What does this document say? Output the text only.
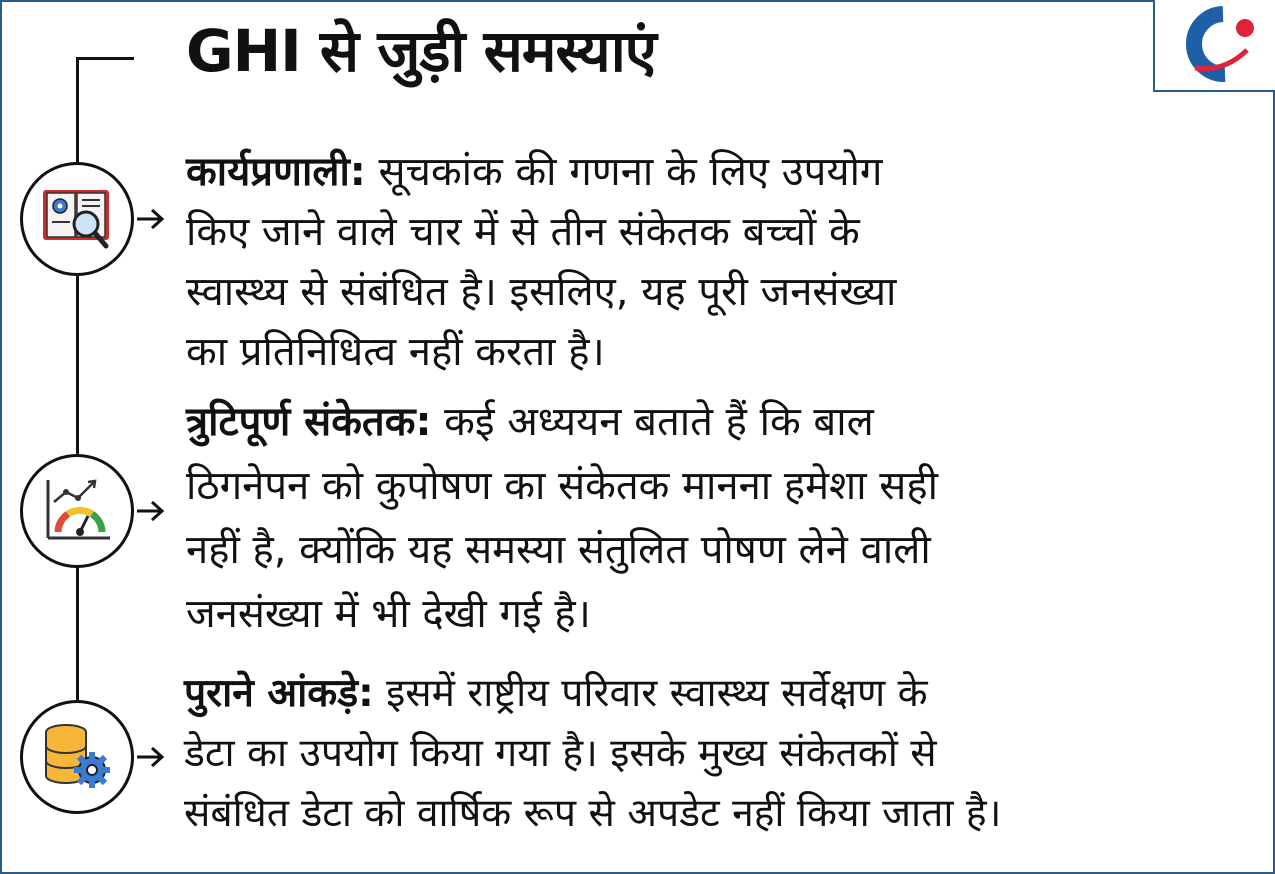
GHI से जुड़ी समस्याएं

कार्यप्रणाली: सूचकांक की गणना के लिए उपयोग
किए जाने वाले चार में से तीन संकेतक बच्चों के
स्वास्थ्य से संबंधित है। इसलिए, यह पूरी जनसंख्या
का प्रतिनिधित्व नहीं करता है।

त्रुटिपूर्ण संकेतक: कई अध्ययन बताते हैं कि बाल
ठिगनेपन को कुपोषण का संकेतक मानना हमेशा सही
नहीं है, क्योंकि यह समस्या संतुलित पोषण लेने वाली
जनसंख्या में भी देखी गई है।

पुराने आंकड़े: इसमें राष्ट्रीय परिवार स्वास्थ्य सर्वेक्षण के
डेटा का उपयोग किया गया है। इसके मुख्य संकेतकों से
संबंधित डेटा को वार्षिक रूप से अपडेट नहीं किया जाता है।
